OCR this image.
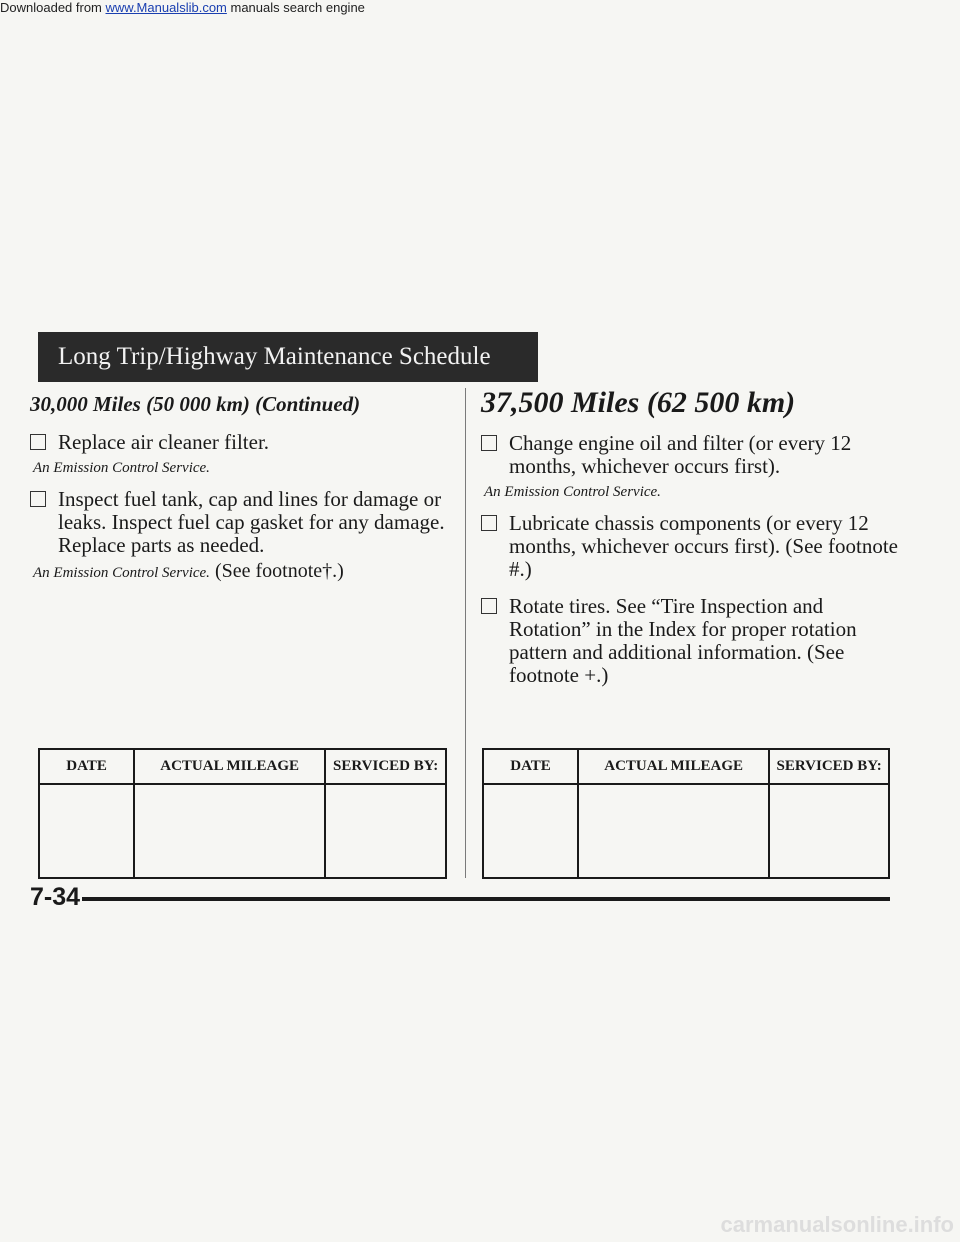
Downloaded from www.Manualslib.com manuals search engine
Long Trip/Highway Maintenance Schedule
30,000 Miles (50 000 km) (Continued)
Replace air cleaner filter.
An Emission Control Service.
Inspect fuel tank, cap and lines for damage or leaks. Inspect fuel cap gasket for any damage. Replace parts as needed.
An Emission Control Service. (See footnote†.)
37,500 Miles (62 500 km)
Change engine oil and filter (or every 12 months, whichever occurs first).
An Emission Control Service.
Lubricate chassis components (or every 12 months, whichever occurs first). (See footnote #.)
Rotate tires. See “Tire Inspection and Rotation” in the Index for proper rotation pattern and additional information. (See footnote +.)
DATE	ACTUAL MILEAGE	SERVICED BY:
			DATE	ACTUAL MILEAGE	SERVICED BY:

7-34
carmanualsonline.info
